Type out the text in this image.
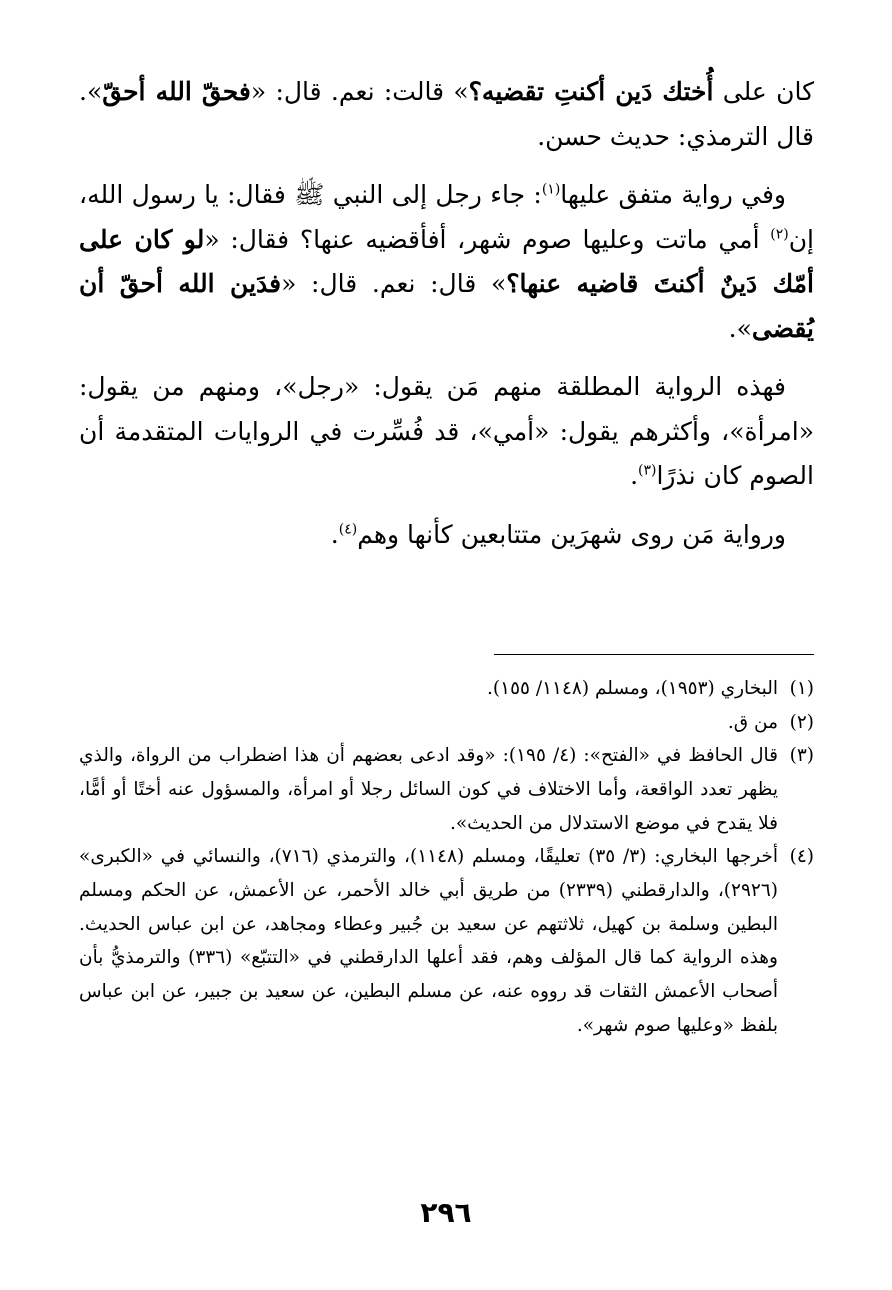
كان على أُختك دَين أكنتِ تقضيه؟» قالت: نعم. قال: «فحقّ الله أحقّ». قال الترمذي: حديث حسن.

وفي رواية متفق عليها$^{(١)}$: جاء رجل إلى النبي ﷺ فقال: يا رسول الله، إن$^{(٢)}$ أمي ماتت وعليها صوم شهر، أفأقضيه عنها؟ فقال: «لو كان على أمّك دَينٌ أكنتَ قاضيه عنها؟» قال: نعم. قال: «فدَين الله أحقّ أن يُقضى».

فهذه الرواية المطلقة منهم مَن يقول: «رجل»، ومنهم من يقول: «امرأة»، وأكثرهم يقول: «أمي»، قد فُسِّرت في الروايات المتقدمة أن الصوم كان نذرًا$^{(٣)}$.

ورواية مَن روى شهرَين متتابعين كأنها وهم$^{(٤)}$.

(١)
البخاري (١٩٥٣)، ومسلم (١١٤٨/ ١٥٥).
(٢)
من ق.
(٣)
قال الحافظ في «الفتح»: (٤/ ١٩٥): «وقد ادعى بعضهم أن هذا اضطراب من الرواة، والذي يظهر تعدد الواقعة، وأما الاختلاف في كون السائل رجلا أو امرأة، والمسؤول عنه أختًا أو أمًّا، فلا يقدح في موضع الاستدلال من الحديث».
(٤)
أخرجها البخاري: (٣/ ٣٥) تعليقًا، ومسلم (١١٤٨)، والترمذي (٧١٦)، والنسائي في «الكبرى» (٢٩٢٦)، والدارقطني (٢٣٣٩) من طريق أبي خالد الأحمر، عن الأعمش، عن الحكم ومسلم البطين وسلمة بن كهيل، ثلاثتهم عن سعيد بن جُبير وعطاء ومجاهد، عن ابن عباس الحديث. وهذه الرواية كما قال المؤلف وهم، فقد أعلها الدارقطني في «التتبّع» (٣٣٦) والترمذيُّ بأن أصحاب الأعمش الثقات قد رووه عنه، عن مسلم البطين، عن سعيد بن جبير، عن ابن عباس بلفظ «وعليها صوم شهر».
٢٩٦
